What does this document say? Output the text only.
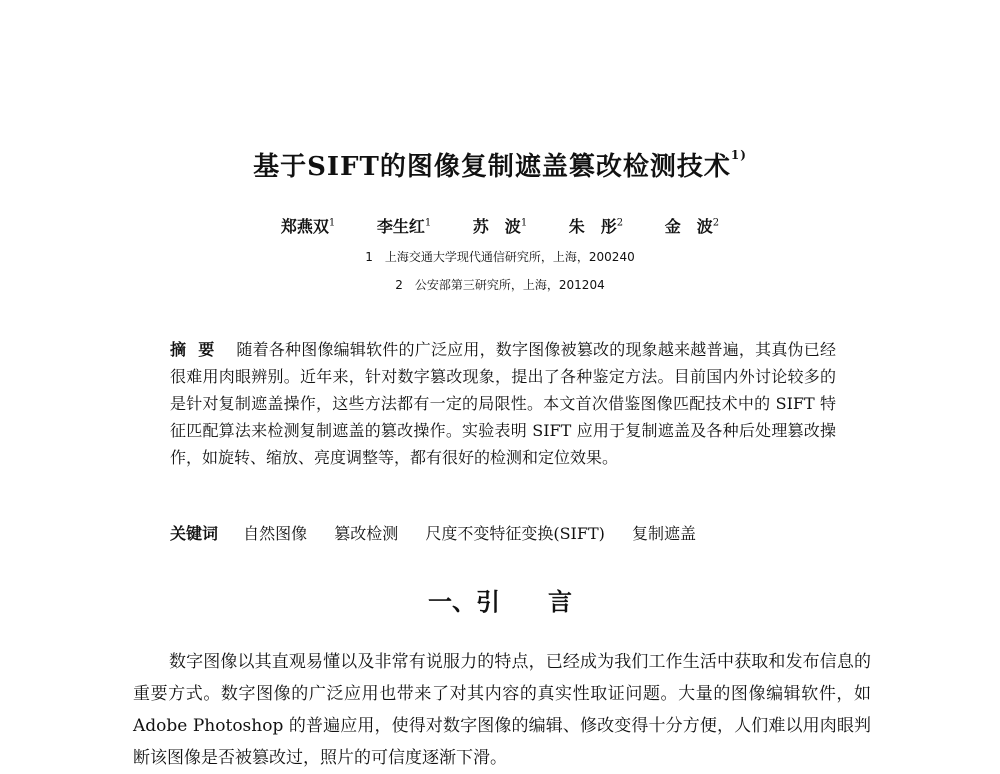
基于SIFT的图像复制遮盖篡改检测技术$^{1)}$
郑燕双$^1$	李生红$^1$	苏　波$^1$	朱　彤$^2$	金　波$^2$
1　上海交通大学现代通信研究所，上海，200240
2　公安部第三研究所，上海，201204
摘要 随着各种图像编辑软件的广泛应用，数字图像被篡改的现象越来越普遍，其真伪已经很难用肉眼辨别。近年来，针对数字篡改现象，提出了各种鉴定方法。目前国内外讨论较多的是针对复制遮盖操作，这些方法都有一定的局限性。本文首次借鉴图像匹配技术中的 SIFT 特征匹配算法来检测复制遮盖的篡改操作。实验表明 SIFT 应用于复制遮盖及各种后处理篡改操作，如旋转、缩放、亮度调整等，都有很好的检测和定位效果。
关键词 自然图像 篡改检测 尺度不变特征变换(SIFT) 复制遮盖
一、引 言
数字图像以其直观易懂以及非常有说服力的特点，已经成为我们工作生活中获取和发布信息的重要方式。数字图像的广泛应用也带来了对其内容的真实性取证问题。大量的图像编辑软件，如 Adobe Photoshop 的普遍应用，使得对数字图像的编辑、修改变得十分方便，人们难以用肉眼判断该图像是否被篡改过，照片的可信度逐渐下滑。
